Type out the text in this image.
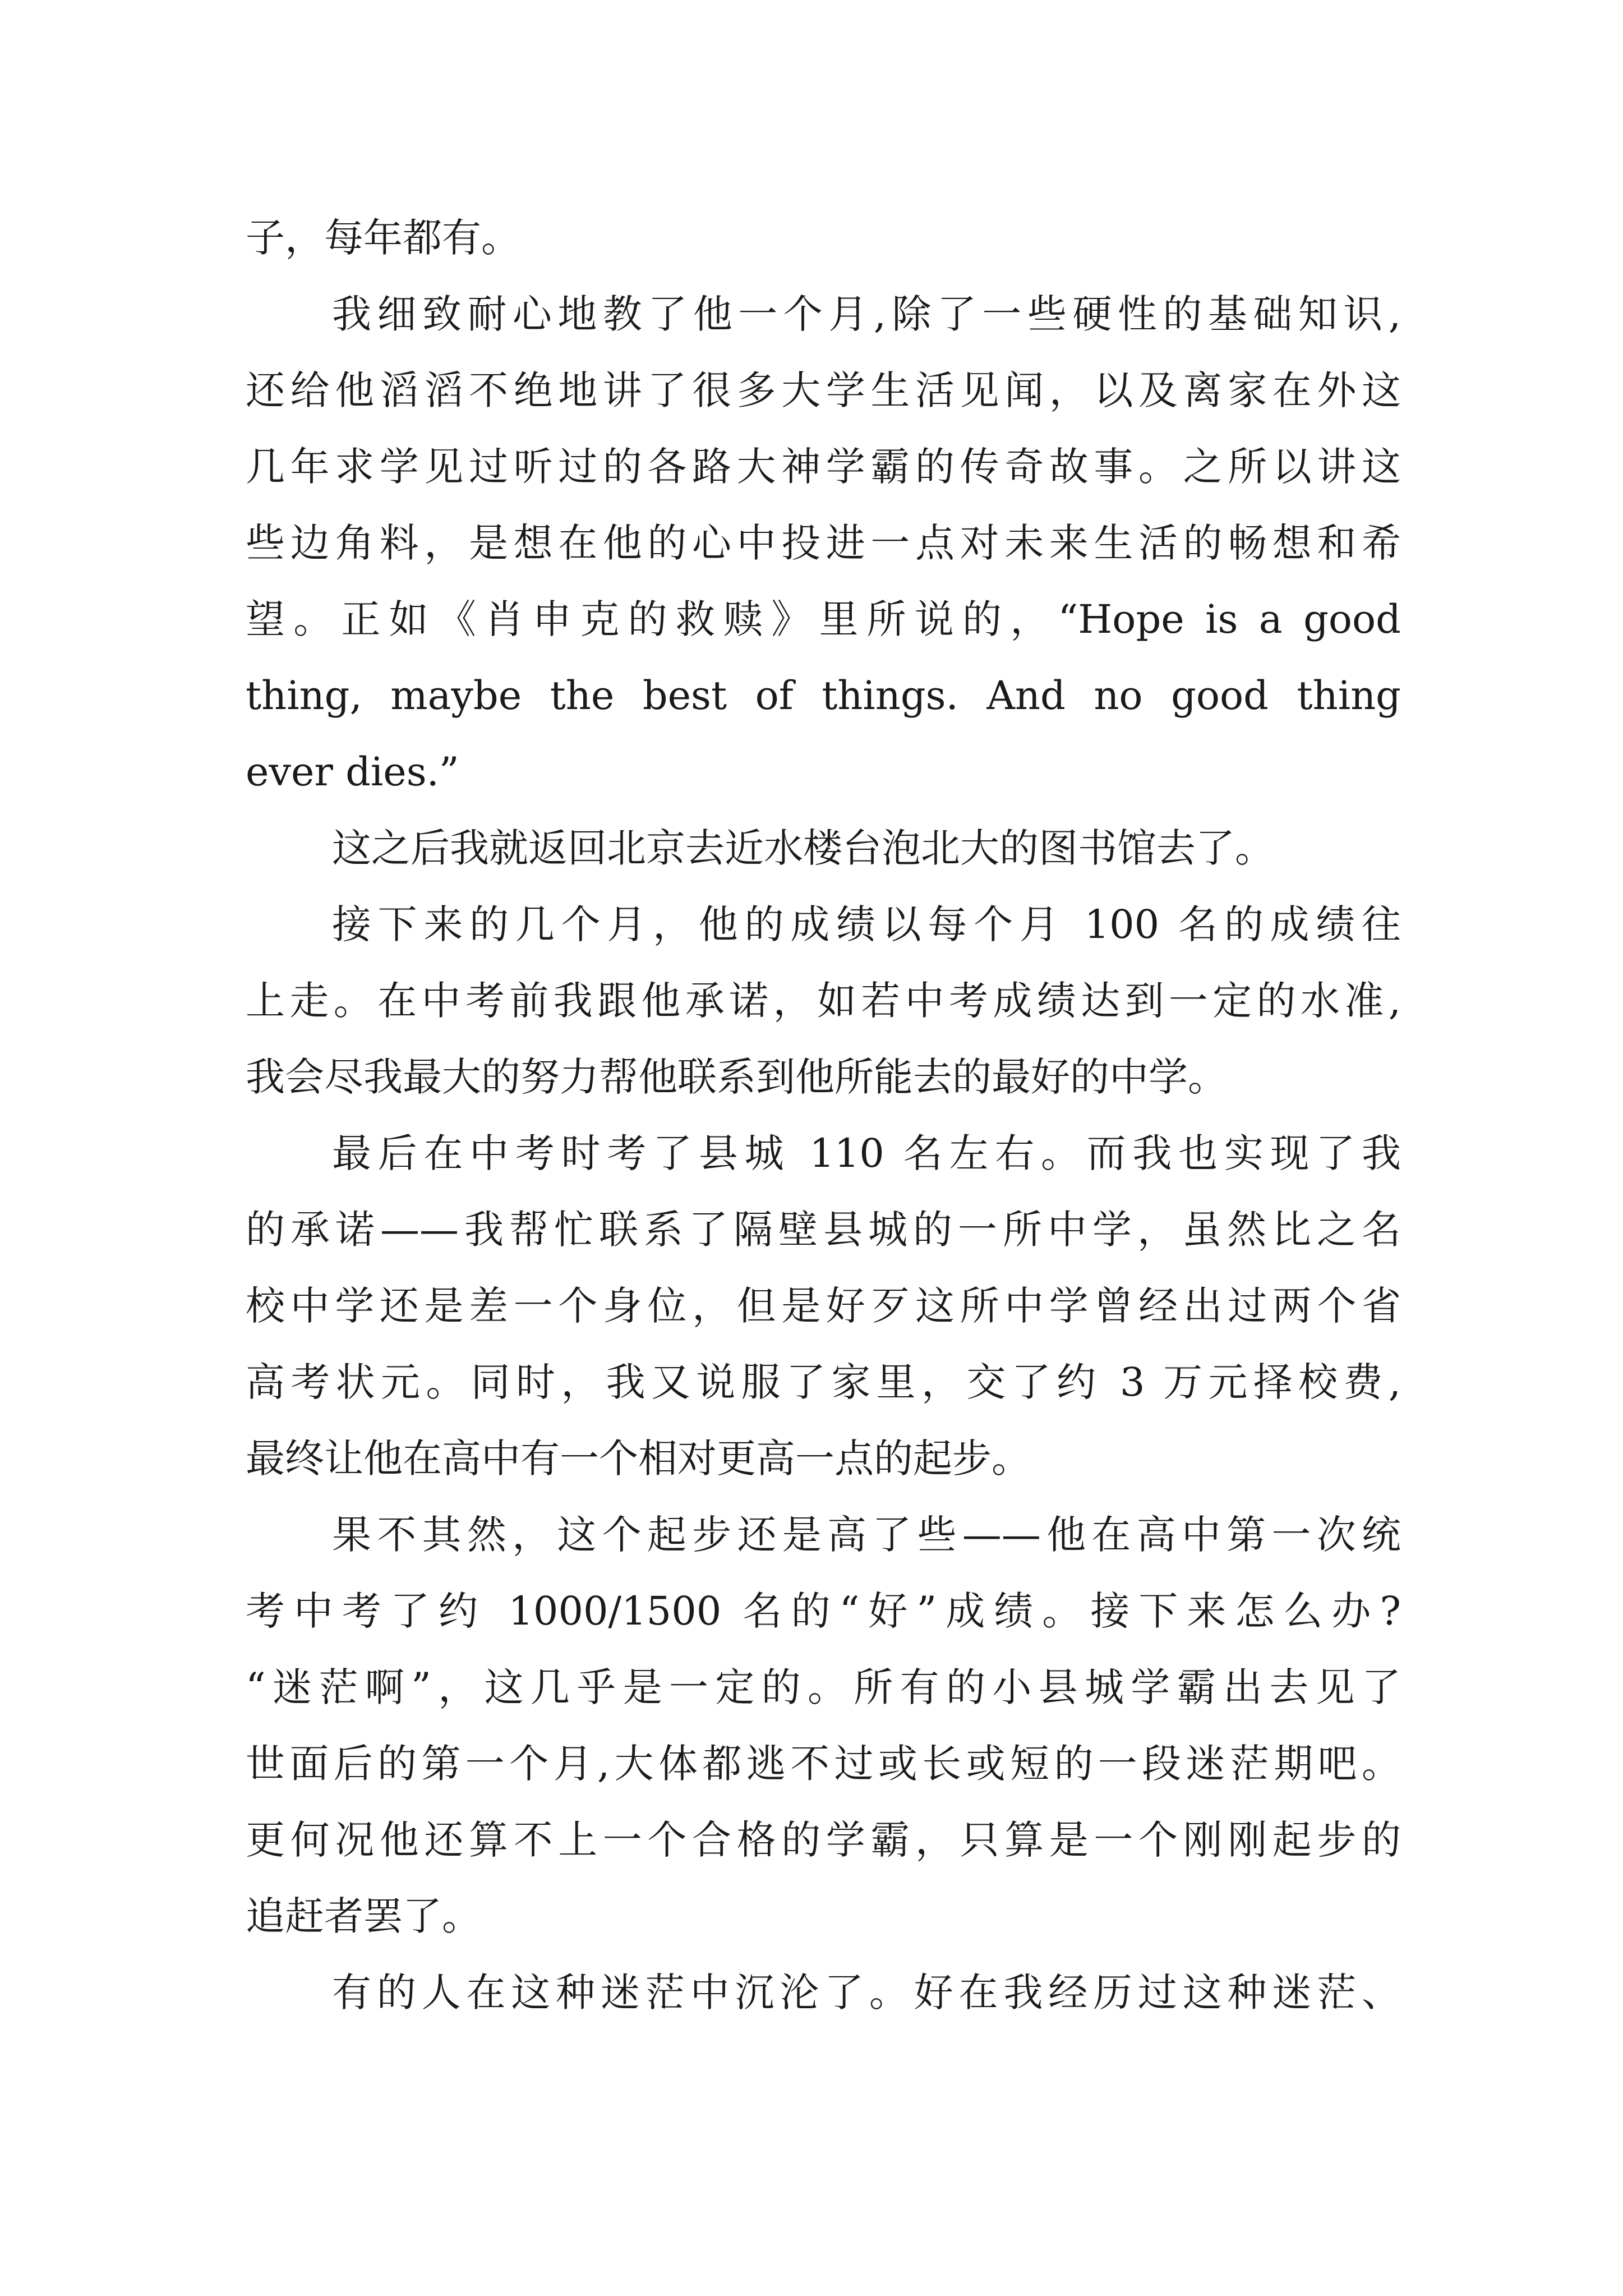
子，每年都有。
我细致耐心地教了他一个月,除了一些硬性的基础知识,
还给他滔滔不绝地讲了很多大学生活见闻，以及离家在外这
几年求学见过听过的各路大神学霸的传奇故事。之所以讲这
些边角料，是想在他的心中投进一点对未来生活的畅想和希
望。正如《肖申克的救赎》里所说的，“Hope is a good
thing, maybe the best of things. And no good thing
ever dies.”
这之后我就返回北京去近水楼台泡北大的图书馆去了。
接下来的几个月，他的成绩以每个月 100 名的成绩往
上走。在中考前我跟他承诺，如若中考成绩达到一定的水准,
我会尽我最大的努力帮他联系到他所能去的最好的中学。
最后在中考时考了县城 110 名左右。而我也实现了我
的承诺——我帮忙联系了隔壁县城的一所中学，虽然比之名
校中学还是差一个身位，但是好歹这所中学曾经出过两个省
高考状元。同时，我又说服了家里，交了约 3 万元择校费,
最终让他在高中有一个相对更高一点的起步。
果不其然，这个起步还是高了些——他在高中第一次统
考中考了约 1000/1500 名的“好”成绩。接下来怎么办?
“迷茫啊”，这几乎是一定的。所有的小县城学霸出去见了
世面后的第一个月,大体都逃不过或长或短的一段迷茫期吧。
更何况他还算不上一个合格的学霸，只算是一个刚刚起步的
追赶者罢了。
有的人在这种迷茫中沉沦了。好在我经历过这种迷茫、
